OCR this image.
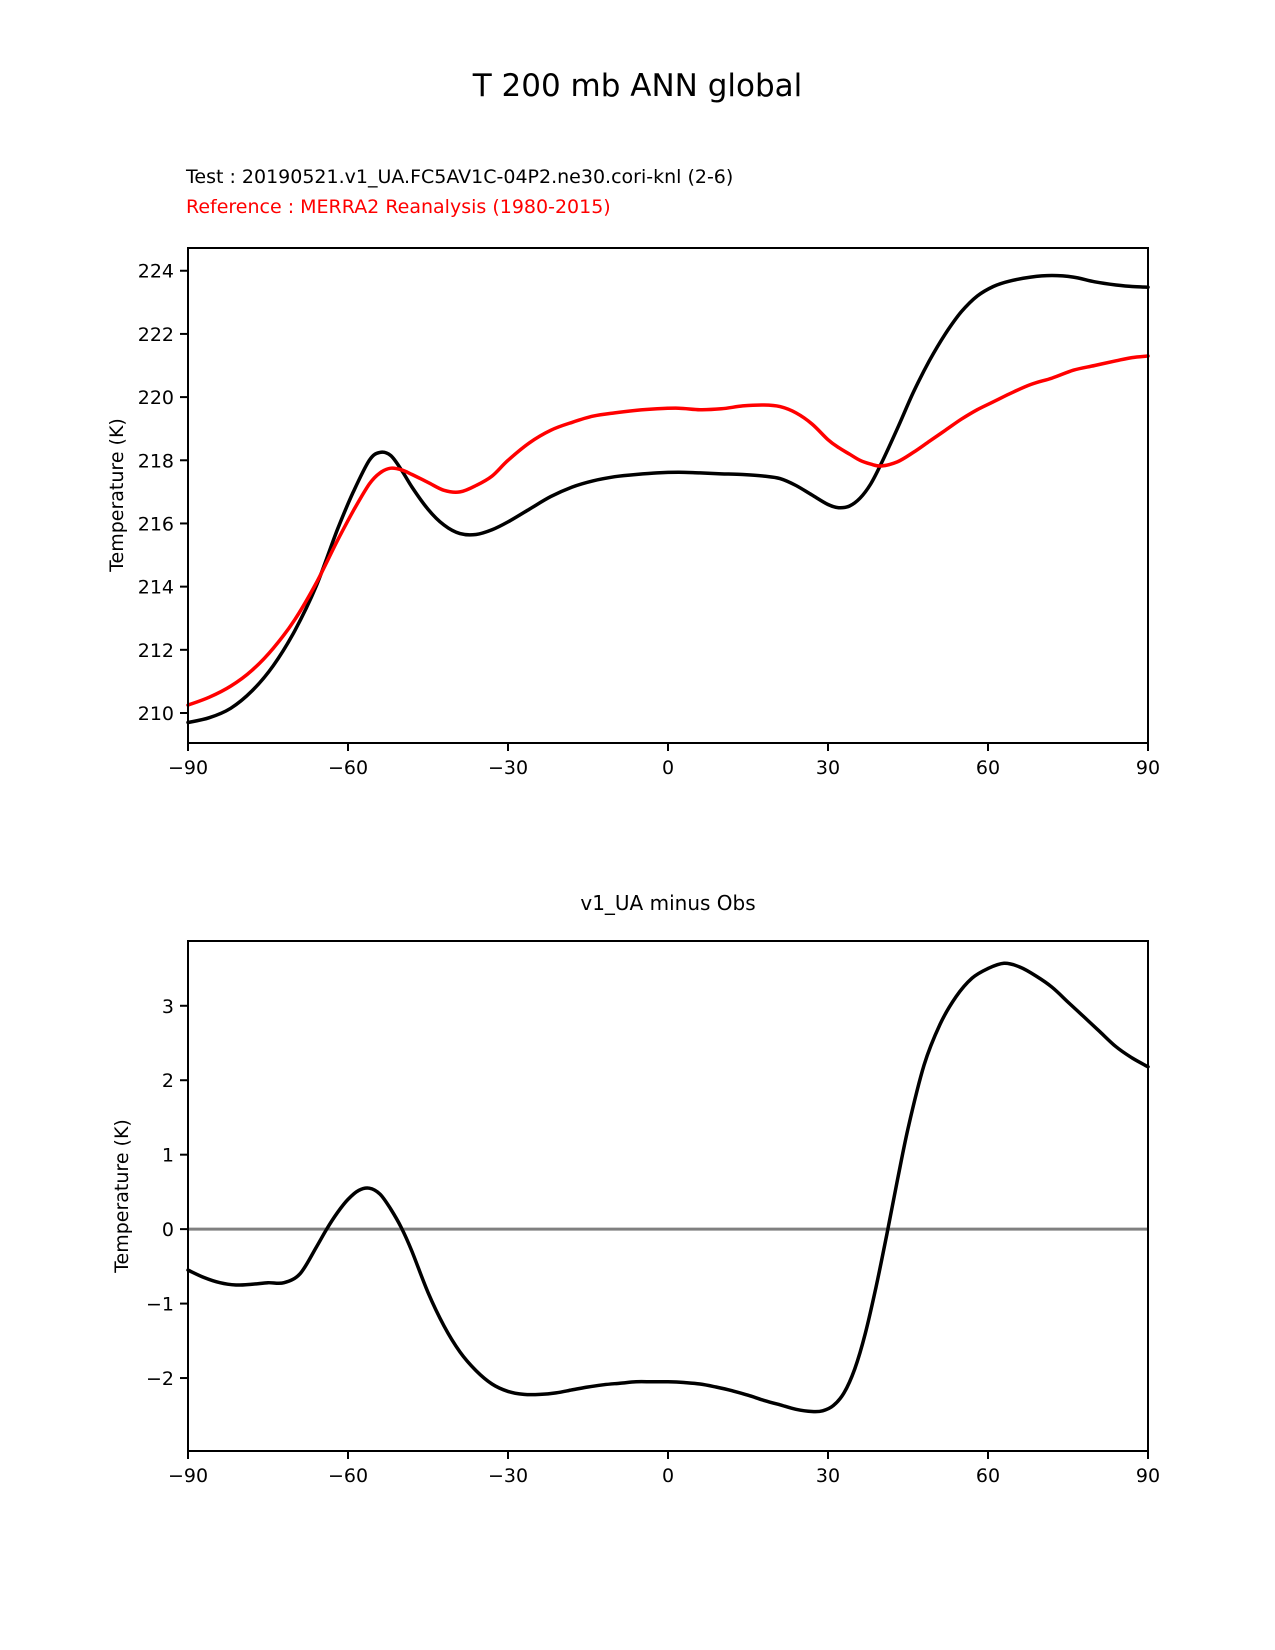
−90	−60	−30	0	30	60	90
210
212
214
216
218
220
222
224
−90	−60	−30	0	30	60	90
3
2
1
0
−1
−2
T 200 mb ANN global
Test : 20190521.v1_UA.FC5AV1C-04P2.ne30.cori-knl (2-6)
Reference : MERRA2 Reanalysis (1980-2015)
v1_UA minus Obs
Temperature (K)
Temperature (K)
